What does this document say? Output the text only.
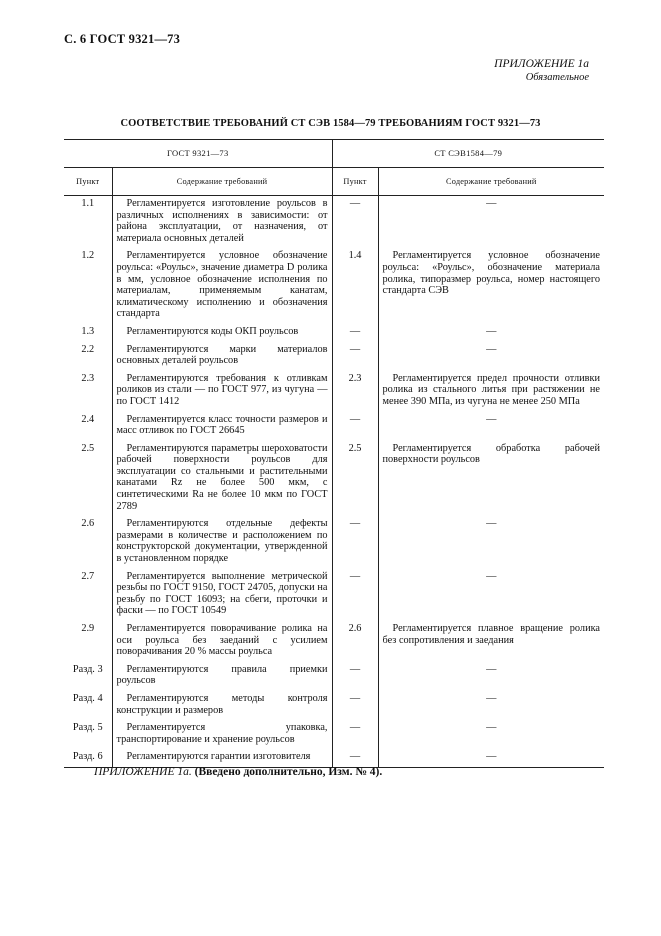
С. 6 ГОСТ 9321—73
ПРИЛОЖЕНИЕ 1а
Обязательное
СООТВЕТСТВИЕ ТРЕБОВАНИЙ СТ СЭВ 1584—79 ТРЕБОВАНИЯМ ГОСТ 9321—73
ГОСТ 9321—73		СТ СЭВ1584—79	
Пункт	Содержание требований	Пункт	Содержание требований
1.1	Регламентируется изготовление роульсов в различных исполнениях в зависимости: от района эксплуатации, от назначения, от материала основных деталей	—	—

1.2	Регламентируется условное обозначение роульса: «Роульс», значение диаметра D ролика в мм, условное обозначение исполнения по материалам, применяемым канатам, климатическому исполнению и обозначения стандарта	1.4	Регламентируется условное обозначение роульса: «Роульс», обозначение материала ролика, типоразмер роульса, номер настоящего стандарта СЭВ

1.3	Регламентируются коды ОКП роульсов	—	—

2.2	Регламентируются марки материалов основных деталей роульсов	—	—

2.3	Регламентируются требования к отливкам роликов из стали — по ГОСТ 977, из чугуна — по ГОСТ 1412	2.3	Регламентируется предел прочности отливки ролика из стального литья при растяжении не менее 390 МПа, из чугуна не менее 250 МПа

2.4	Регламентируется класс точности размеров и масс отливок по ГОСТ 26645	—	—

2.5	Регламентируются параметры шероховатости рабочей поверхности роульсов для эксплуатации со стальными и растительными канатами Rz не более 500 мкм, с синтетическими Ra не более 10 мкм по ГОСТ 2789	2.5	Регламентируется обработка рабочей поверхности роульсов

2.6	Регламентируются отдельные дефекты размерами в количестве и расположением по конструкторской документации, утвержденной в установленном порядке	—	—

2.7	Регламентируется выполнение метрической резьбы по ГОСТ 9150, ГОСТ 24705, допуски на резьбу по ГОСТ 16093; на сбеги, проточки и фаски — по ГОСТ 10549	—	—

2.9	Регламентируется поворачивание ролика на оси роульса без заеданий с усилием поворачивания 20 % массы роульса	2.6	Регламентируется плавное вращение ролика без сопротивления и заедания

Разд. 3	Регламентируются правила приемки роульсов	—	—

Разд. 4	Регламентируются методы контроля конструкции и размеров	—	—

Разд. 5	Регламентируется упаковка, транспортирование и хранение роульсов	—	—

Разд. 6	Регламентируются гарантии изготовителя	—	—
ПРИЛОЖЕНИЕ 1а. (Введено дополнительно, Изм. № 4).
